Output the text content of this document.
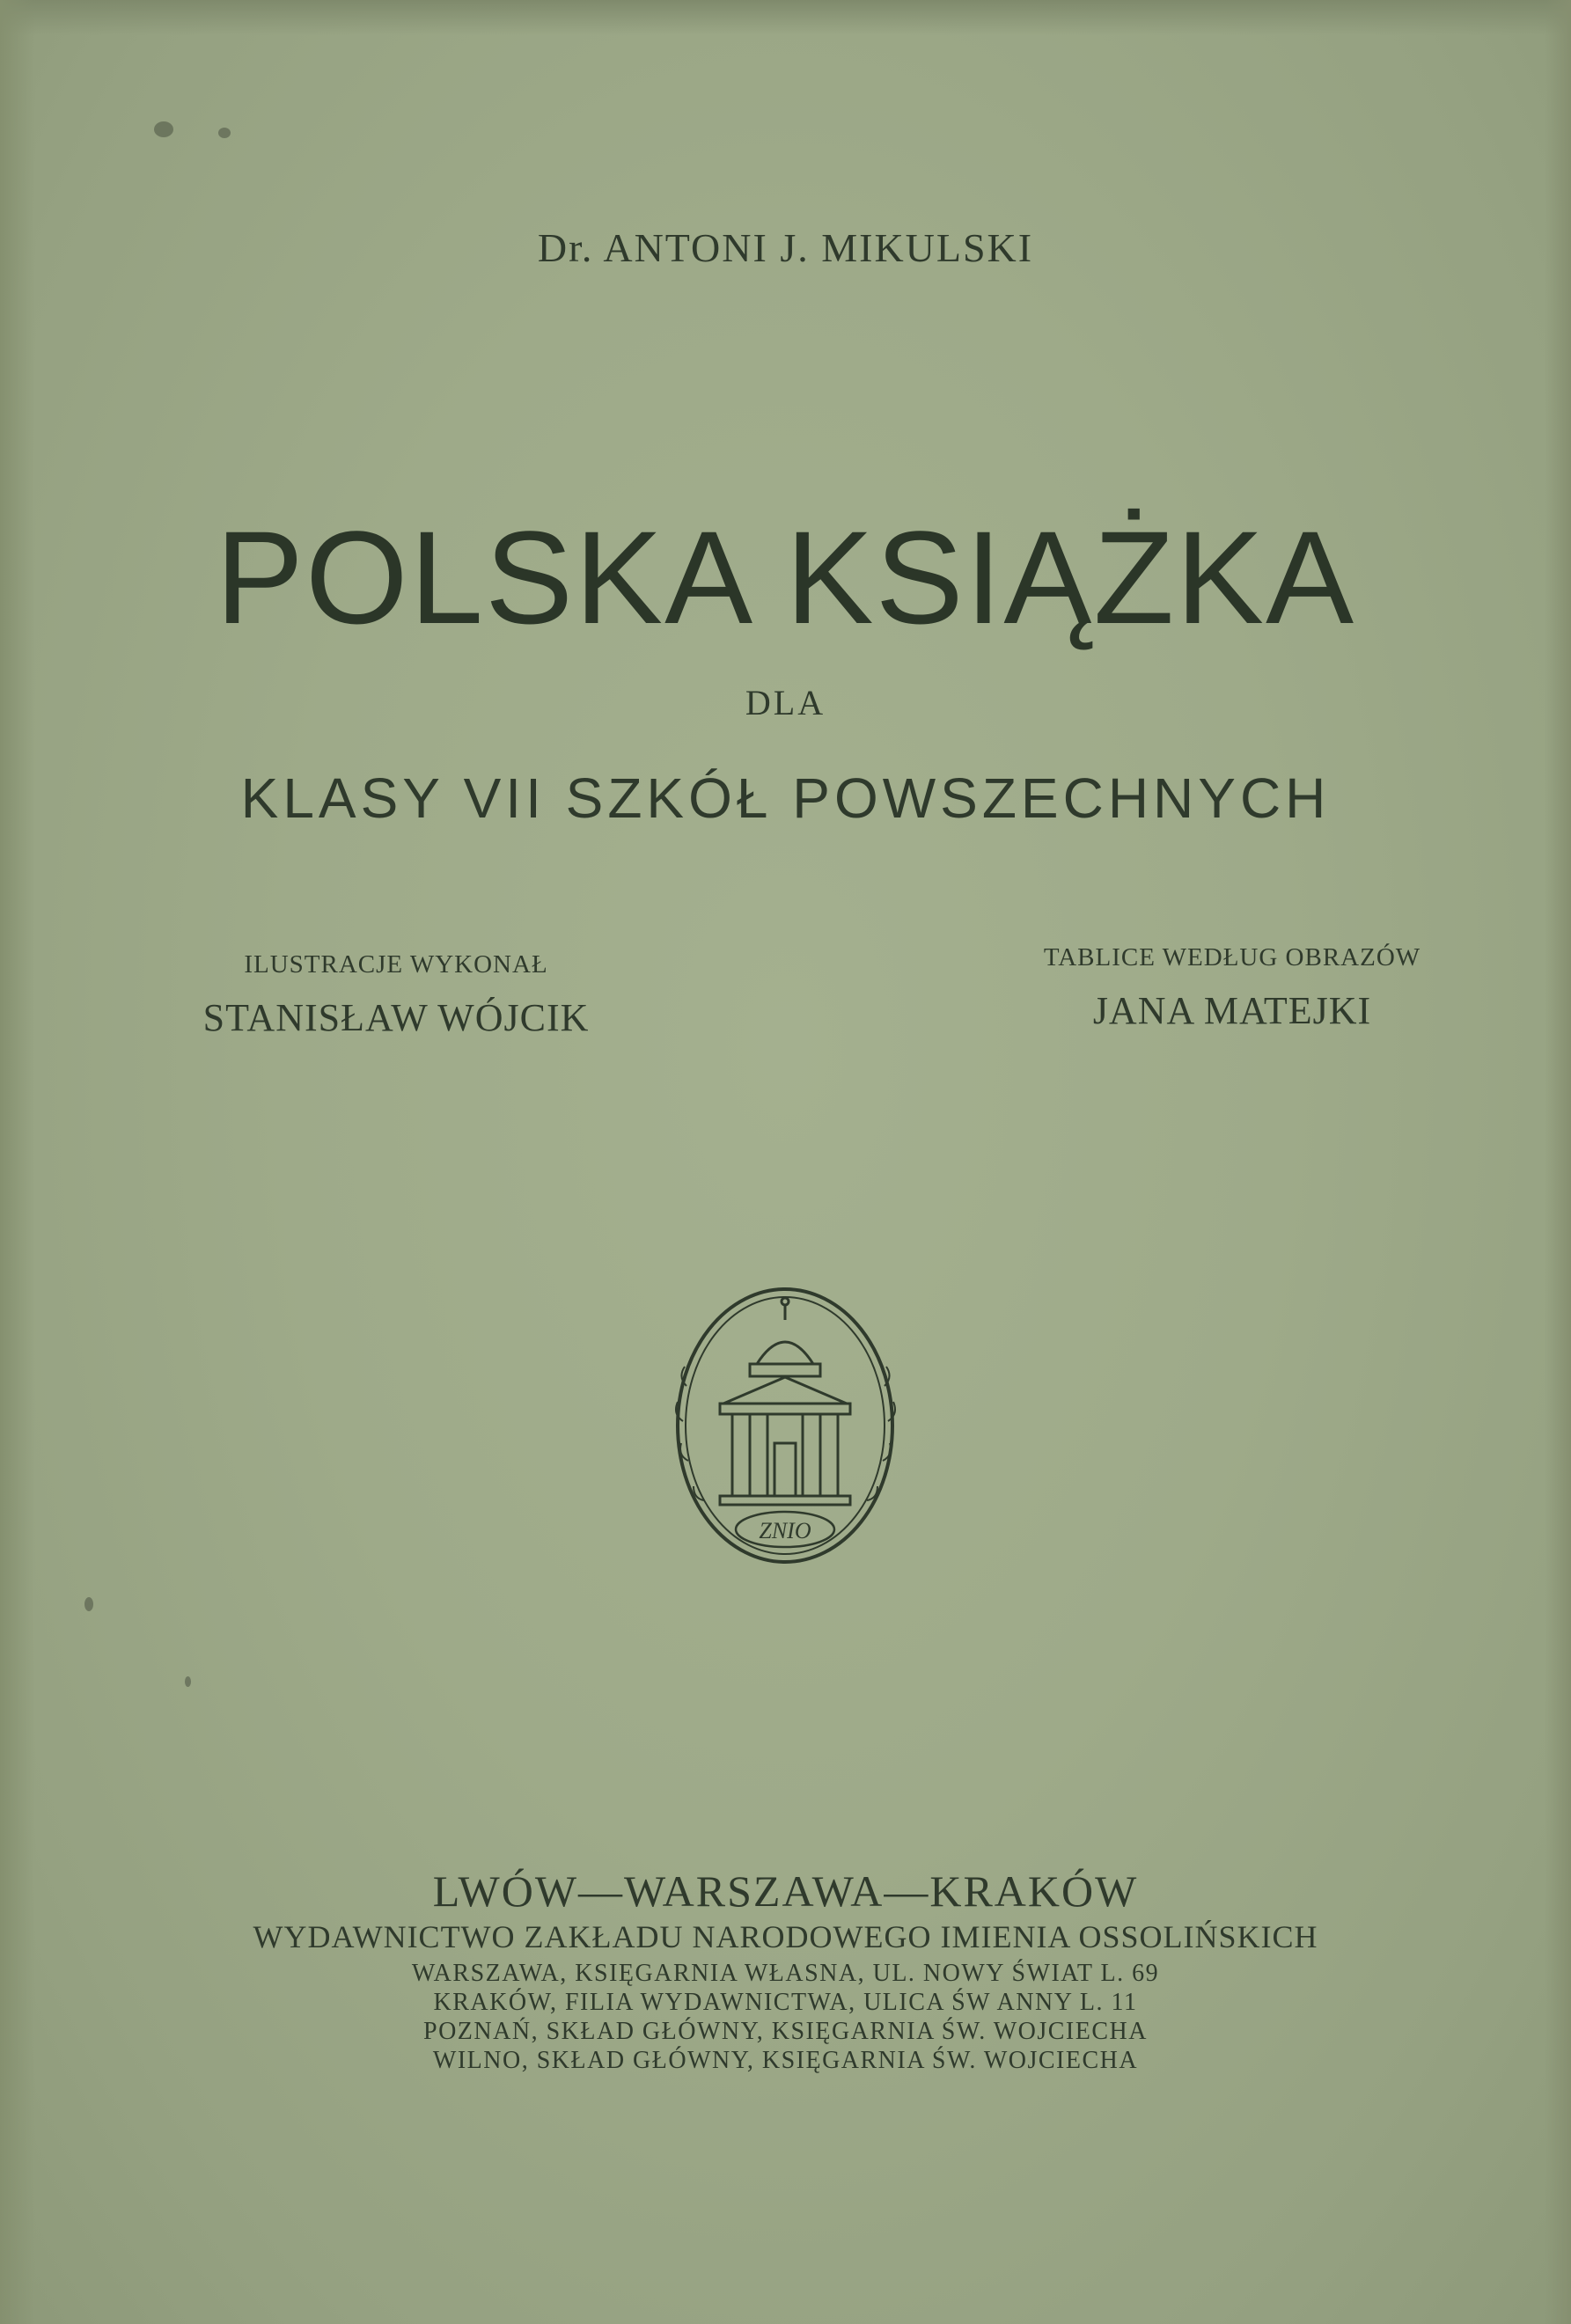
Dr. ANTONI J. MIKULSKI
POLSKA KSIĄŻKA
DLA
KLASY VII SZKÓŁ POWSZECHNYCH
ILUSTRACJE WYKONAŁ
STANISŁAW WÓJCIK
TABLICE WEDŁUG OBRAZÓW
JANA MATEJKI
ZNIO
LWÓW—WARSZAWA—KRAKÓW
WYDAWNICTWO ZAKŁADU NARODOWEGO IMIENIA OSSOLIŃSKICH
WARSZAWA, KSIĘGARNIA WŁASNA, UL. NOWY ŚWIAT L. 69
KRAKÓW, FILIA WYDAWNICTWA, ULICA ŚW ANNY L. 11
POZNAŃ, SKŁAD GŁÓWNY, KSIĘGARNIA ŚW. WOJCIECHA
WILNO, SKŁAD GŁÓWNY, KSIĘGARNIA ŚW. WOJCIECHA
